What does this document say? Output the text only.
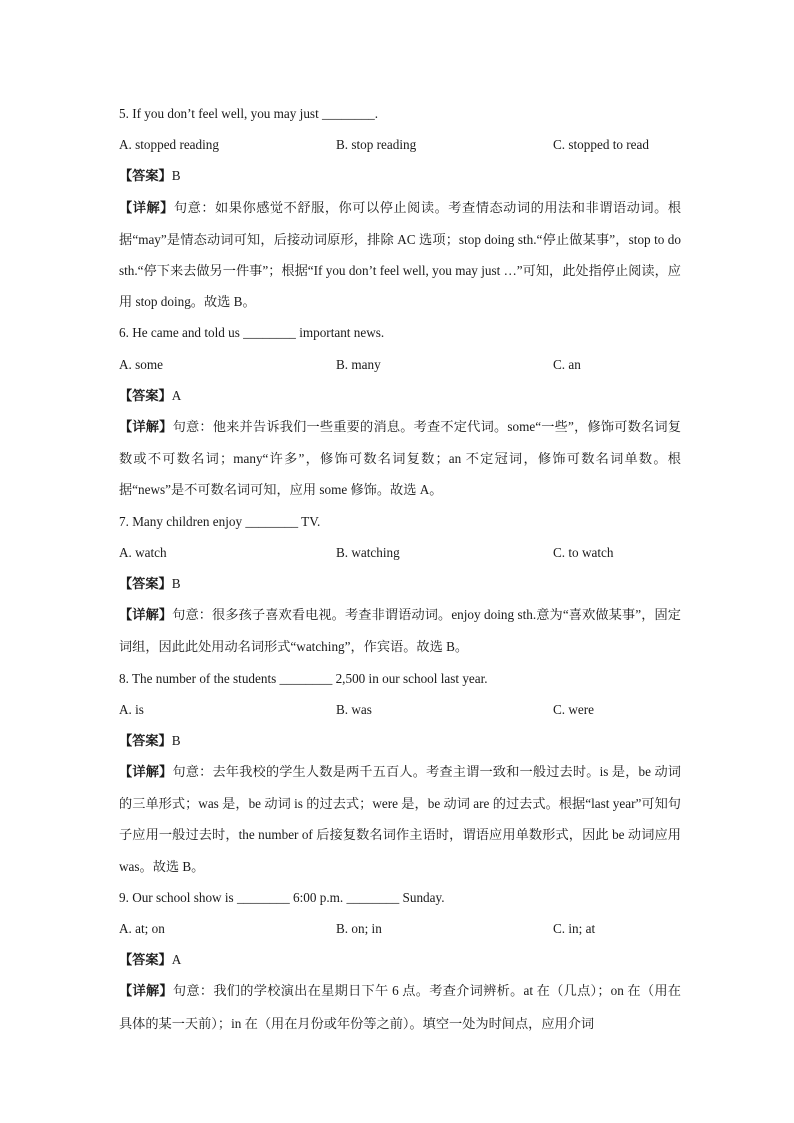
5. If you don’t feel well, you may just ________.
A. stopped reading	B. stop reading	C. stopped to read
【答案】B
【详解】句意：如果你感觉不舒服，你可以停止阅读。考查情态动词的用法和非谓语动词。根据“may”是情态动词可知，后接动词原形，排除 AC 选项；stop doing sth.“停止做某事”，stop to do sth.“停下来去做另一件事”；根据“If you don’t feel well, you may just …”可知，此处指停止阅读，应用 stop doing。故选 B。
6. He came and told us ________ important news.
A. some	B. many	C. an
【答案】A
【详解】句意：他来并告诉我们一些重要的消息。考查不定代词。some“一些”，修饰可数名词复数或不可数名词；many“许多”，修饰可数名词复数；an 不定冠词，修饰可数名词单数。根据“news”是不可数名词可知，应用 some 修饰。故选 A。
7. Many children enjoy ________ TV.
A. watch	B. watching	C. to watch
【答案】B
【详解】句意：很多孩子喜欢看电视。考查非谓语动词。enjoy doing sth.意为“喜欢做某事”，固定词组，因此此处用动名词形式“watching”，作宾语。故选 B。
8. The number of the students ________ 2,500 in our school last year.
A. is	B. was	C. were
【答案】B
【详解】句意：去年我校的学生人数是两千五百人。考查主谓一致和一般过去时。is 是，be 动词的三单形式；was 是，be 动词 is 的过去式；were 是，be 动词 are 的过去式。根据“last year”可知句子应用一般过去时，the number of 后接复数名词作主语时，谓语应用单数形式，因此 be 动词应用 was。故选 B。
9. Our school show is ________ 6:00 p.m. ________ Sunday.
A. at; on	B. on; in	C. in; at
【答案】A
【详解】句意：我们的学校演出在星期日下午 6 点。考查介词辨析。at 在（几点）；on 在（用在具体的某一天前）；in 在（用在月份或年份等之前）。填空一处为时间点，应用介词
